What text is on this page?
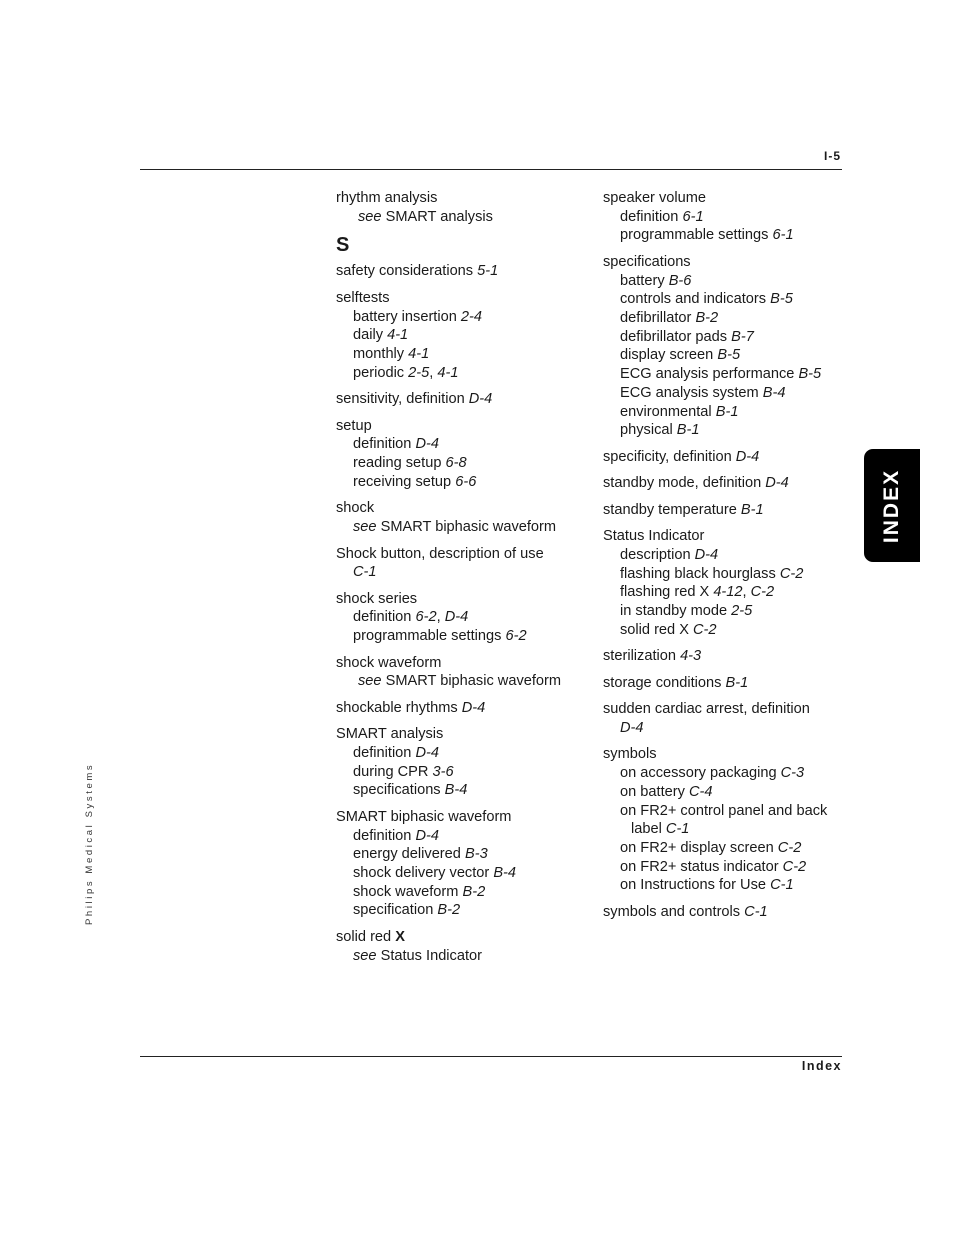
I-5
rhythm analysis
see SMART analysis
S
safety considerations 5-1
selftests
battery insertion 2-4
daily 4-1
monthly 4-1
periodic 2-5, 4-1
sensitivity, definition D-4
setup
definition D-4
reading setup 6-8
receiving setup 6-6
shock
see SMART biphasic waveform
Shock button, description of use
C-1
shock series
definition 6-2, D-4
programmable settings 6-2
shock waveform
see SMART biphasic waveform
shockable rhythms D-4
SMART analysis
definition D-4
during CPR 3-6
specifications B-4
SMART biphasic waveform
definition D-4
energy delivered B-3
shock delivery vector B-4
shock waveform B-2
specification B-2
solid red X
see Status Indicator
speaker volume
definition 6-1
programmable settings 6-1
specifications
battery B-6
controls and indicators B-5
defibrillator B-2
defibrillator pads B-7
display screen B-5
ECG analysis performance B-5
ECG analysis system B-4
environmental B-1
physical B-1
specificity, definition D-4
standby mode, definition D-4
standby temperature B-1
Status Indicator
description D-4
flashing black hourglass C-2
flashing red X 4-12, C-2
in standby mode 2-5
solid red X C-2
sterilization 4-3
storage conditions B-1
sudden cardiac arrest, definition
D-4
symbols
on accessory packaging C-3
on battery C-4
on FR2+ control panel and back
label C-1
on FR2+ display screen C-2
on FR2+ status indicator C-2
on Instructions for Use C-1
symbols and controls C-1
INDEX
Philips Medical Systems
Index
